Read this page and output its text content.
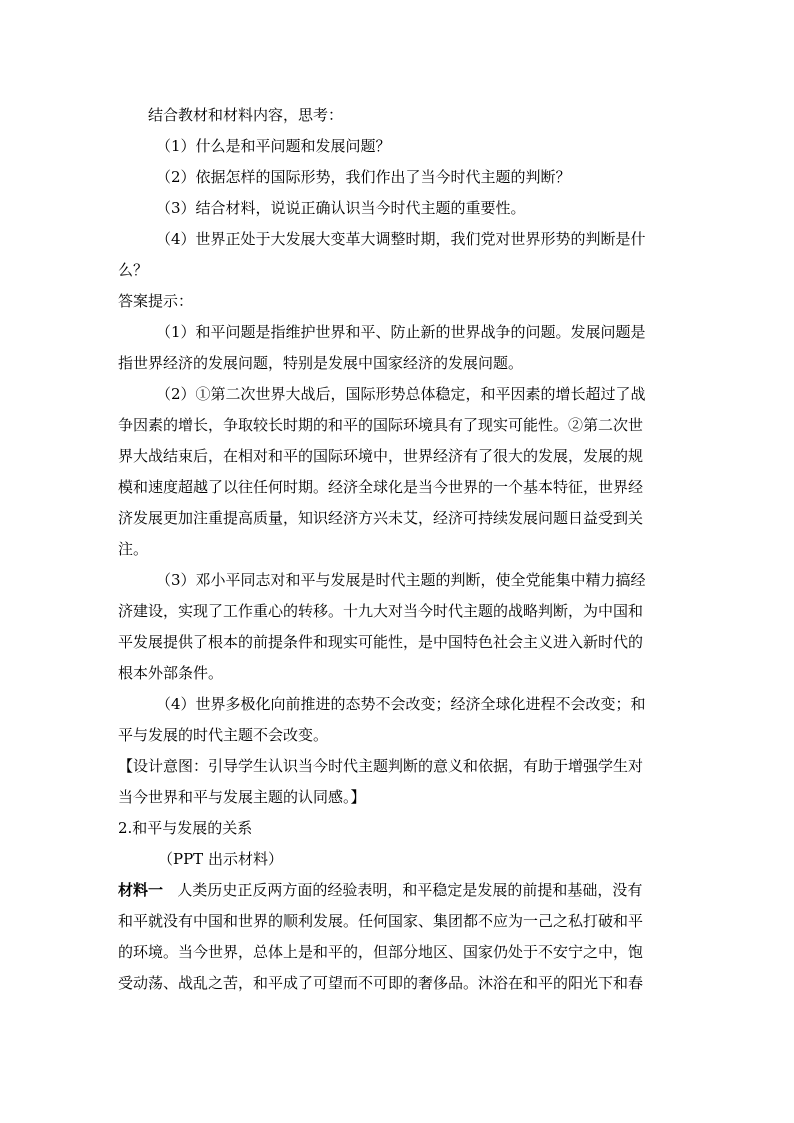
结合教材和材料内容，思考：

（1）什么是和平问题和发展问题？

（2）依据怎样的国际形势，我们作出了当今时代主题的判断？

（3）结合材料，说说正确认识当今时代主题的重要性。

（4）世界正处于大发展大变革大调整时期，我们党对世界形势的判断是什

么？

答案提示：

（1）和平问题是指维护世界和平、防止新的世界战争的问题。发展问题是

指世界经济的发展问题，特别是发展中国家经济的发展问题。

（2）①第二次世界大战后，国际形势总体稳定，和平因素的增长超过了战

争因素的增长，争取较长时期的和平的国际环境具有了现实可能性。②第二次世

界大战结束后，在相对和平的国际环境中，世界经济有了很大的发展，发展的规

模和速度超越了以往任何时期。经济全球化是当今世界的一个基本特征，世界经

济发展更加注重提高质量，知识经济方兴未艾，经济可持续发展问题日益受到关

注。

（3）邓小平同志对和平与发展是时代主题的判断，使全党能集中精力搞经

济建设，实现了工作重心的转移。十九大对当今时代主题的战略判断，为中国和

平发展提供了根本的前提条件和现实可能性，是中国特色社会主义进入新时代的

根本外部条件。

（4）世界多极化向前推进的态势不会改变；经济全球化进程不会改变；和

平与发展的时代主题不会改变。

【设计意图：引导学生认识当今时代主题判断的意义和依据，有助于增强学生对

当今世界和平与发展主题的认同感。】

2.和平与发展的关系

（PPT 出示材料）

材料一 人类历史正反两方面的经验表明，和平稳定是发展的前提和基础，没有

和平就没有中国和世界的顺利发展。任何国家、集团都不应为一己之私打破和平

的环境。当今世界，总体上是和平的，但部分地区、国家仍处于不安宁之中，饱

受动荡、战乱之苦，和平成了可望而不可即的奢侈品。沐浴在和平的阳光下和春
